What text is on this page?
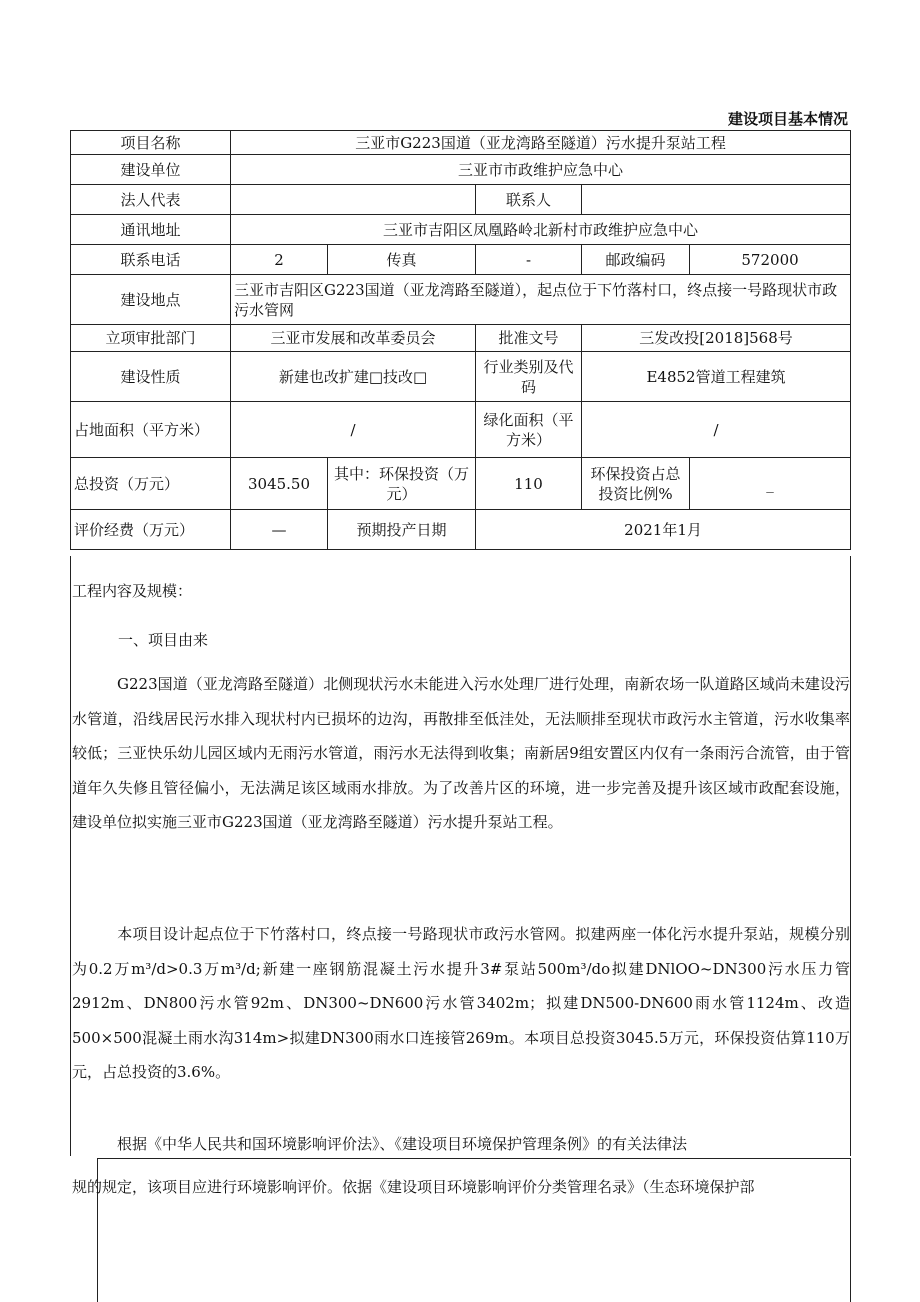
建设项目基本情况
项目名称	三亚市G223国道（亚龙湾路至隧道）污水提升泵站工程				
建设单位	三亚市市政维护应急中心				
法人代表			联系人		
通讯地址	三亚市吉阳区凤凰路岭北新村市政维护应急中心				
联系电话	2	传真	-	邮政编码	572000
建设地点	三亚市吉阳区G223国道（亚龙湾路至隧道），起点位于下竹落村口，终点接一号路现状市政污水管网				
立项审批部门	三亚市发展和改革委员会		批准文号	三发改投[2018]568号	
建设性质	新建也改扩建□技改□		行业类别及代码	E4852管道工程建筑	
占地面积（平方米）	/		绿化面积（平方米）	/	
总投资（万元）	3045.50	其中：环保投资（万元）	110	环保投资占总投资比例%	_
评价经费（万元）	—	预期投产日期	2021年1月		
工程内容及规模：
一、项目由来

G223国道（亚龙湾路至隧道）北侧现状污水未能进入污水处理厂进行处理，南新农场一队道路区域尚未建设污水管道，沿线居民污水排入现状村内已损坏的边沟，再散排至低洼处，无法顺排至现状市政污水主管道，污水收集率较低；三亚快乐幼儿园区域内无雨污水管道，雨污水无法得到收集；南新居9组安置区内仅有一条雨污合流管，由于管道年久失修且管径偏小，无法满足该区域雨水排放。为了改善片区的环境，进一步完善及提升该区域市政配套设施，建设单位拟实施三亚市G223国道（亚龙湾路至隧道）污水提升泵站工程。

本项目设计起点位于下竹落村口，终点接一号路现状市政污水管网。拟建两座一体化污水提升泵站，规模分别为0.2万m³/d>0.3万m³/d;新建一座钢筋混凝土污水提升3#泵站500m³/do拟建DNlOO~DN300污水压力管2912m、DN800污水管92m、DN300~DN600污水管3402m；拟建DN500-DN600雨水管1124m、改造500×500混凝土雨水沟314m>拟建DN300雨水口连接管269m。本项目总投资3045.5万元，环保投资估算110万元，占总投资的3.6%。

根据《中华人民共和国环境影响评价法》、《建设项目环境保护管理条例》的有关法律法

规的规定，该项目应进行环境影响评价。依据《建设项目环境影响评价分类管理名录》（生态环境保护部
